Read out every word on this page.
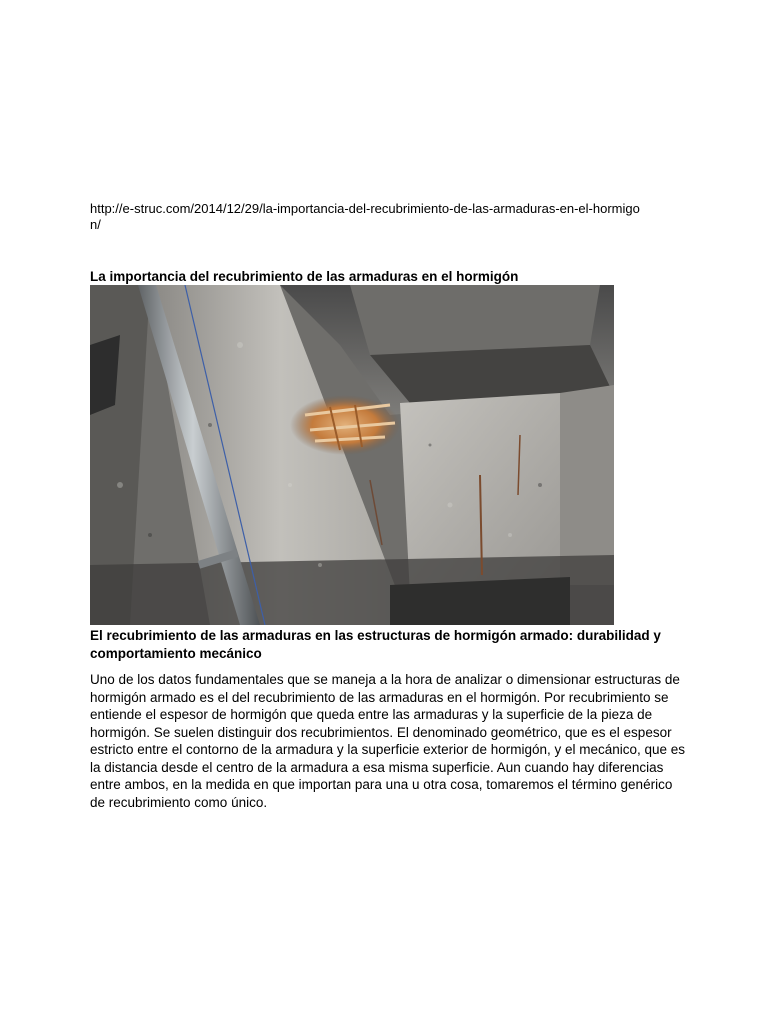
http://e-struc.com/2014/12/29/la-importancia-del-recubrimiento-de-las-armaduras-en-el-hormigon/
La importancia del recubrimiento de las armaduras en el hormigón
El recubrimiento de las armaduras en las estructuras de hormigón armado: durabilidad y comportamiento mecánico
Uno de los datos fundamentales que se maneja a la hora de analizar o dimensionar estructuras de hormigón armado es el del recubrimiento de las armaduras en el hormigón. Por recubrimiento se entiende el espesor de hormigón que queda entre las armaduras y la superficie de la pieza de hormigón. Se suelen distinguir dos recubrimientos. El denominado geométrico, que es el espesor estricto entre el contorno de la armadura y la superficie exterior de hormigón, y el mecánico, que es la distancia desde el centro de la armadura a esa misma superficie. Aun cuando hay diferencias entre ambos, en la medida en que importan para una u otra cosa, tomaremos el término genérico de recubrimiento como único.
